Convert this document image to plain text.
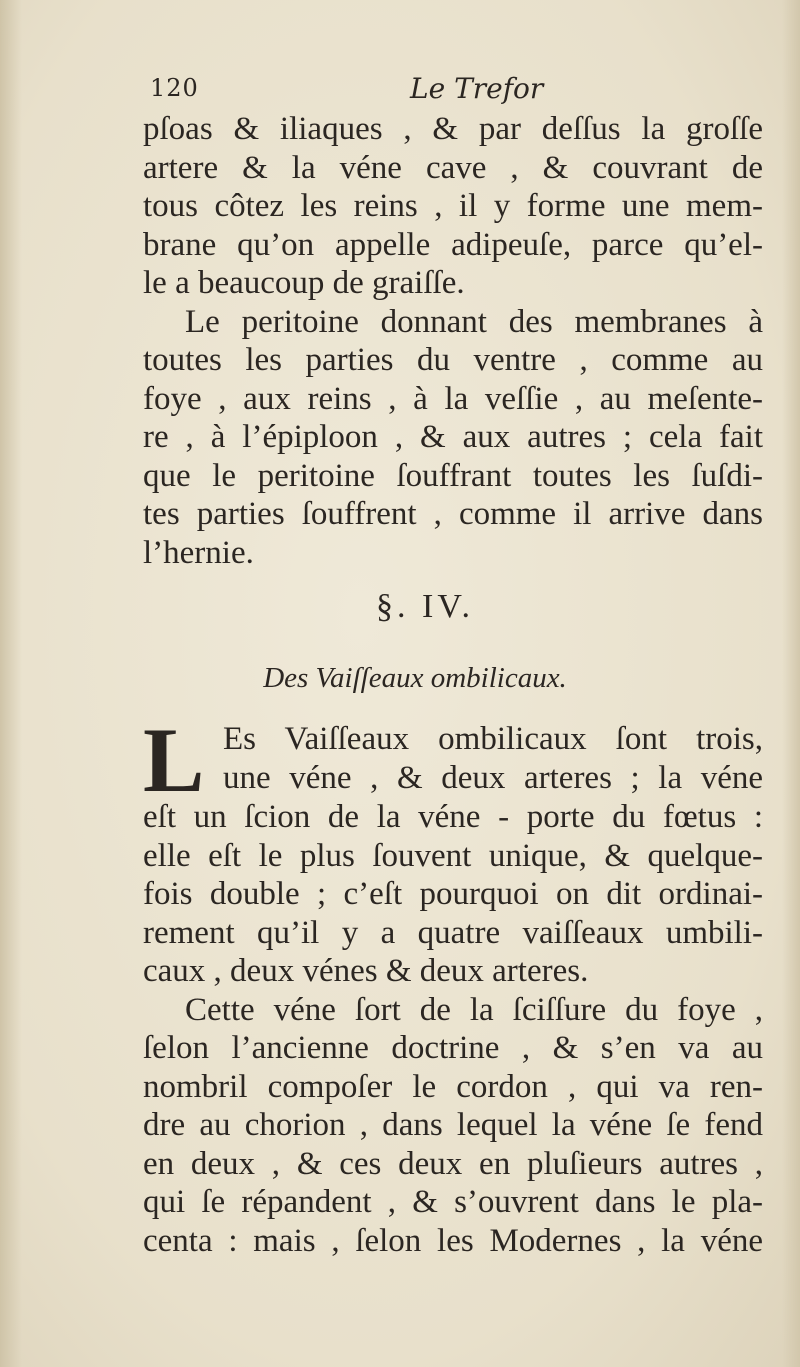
120	Le Trefor
pſoas & iliaques , & par deſſus la groſſe
artere & la véne cave , & couvrant de
tous côtez les reins , il y forme une mem-
brane qu’on appelle adipeuſe, parce qu’el-
le a beaucoup de graiſſe.
Le peritoine donnant des membranes à
toutes les parties du ventre , comme au
foye , aux reins , à la veſſie , au meſente-
re , à l’épiploon , & aux autres ; cela fait
que le peritoine ſouffrant toutes les ſuſdi-
tes parties ſouffrent , comme il arrive dans
l’hernie.
§. IV.
Des Vaiſſeaux ombilicaux.
L Es Vaiſſeaux ombilicaux ſont trois,
une véne , & deux arteres ; la véne
eſt un ſcion de la véne - porte du fœtus :
elle eſt le plus ſouvent unique, & quelque-
fois double ; c’eſt pourquoi on dit ordinai-
rement qu’il y a quatre vaiſſeaux umbili-
caux , deux vénes & deux arteres.
Cette véne ſort de la ſciſſure du foye ,
ſelon l’ancienne doctrine , & s’en va au
nombril compoſer le cordon , qui va ren-
dre au chorion , dans lequel la véne ſe fend
en deux , & ces deux en pluſieurs autres ,
qui ſe répandent , & s’ouvrent dans le pla-
centa : mais , ſelon les Modernes , la véne
